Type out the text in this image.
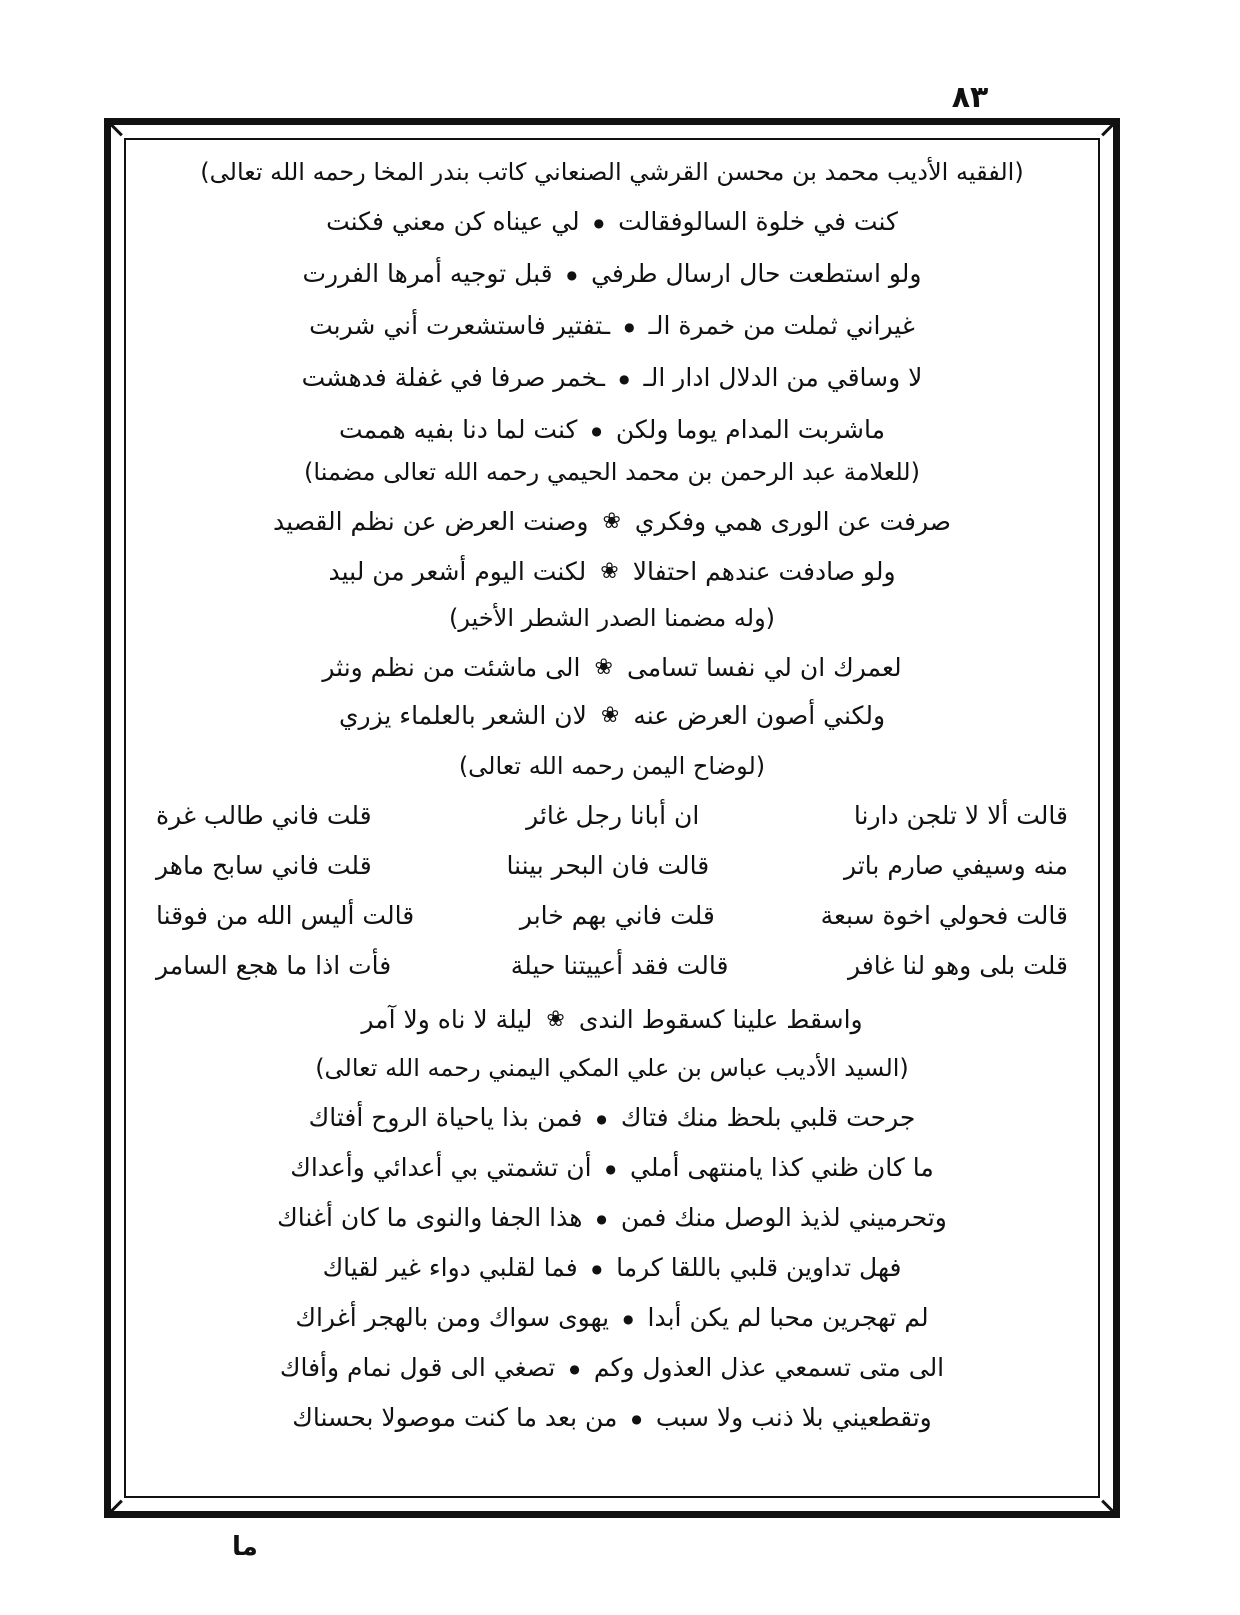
٨٣
(الفقيه الأديب محمد بن محسن القرشي الصنعاني كاتب بندر المخا رحمه الله تعالى)
كنت في خلوة السالوفقالت
●
لي عيناه كن معني فكنت
ولو استطعت حال ارسال طرفي
●
قبل توجيه أمرها الفررت
غيراني ثملت من خمرة الـ
●
ـتفتير فاستشعرت أني شربت
لا وساقي من الدلال ادار الـ
●
ـخمر صرفا في غفلة فدهشت
ماشربت المدام يوما ولكن
●
كنت لما دنا بفيه هممت
(للعلامة عبد الرحمن بن محمد الحيمي رحمه الله تعالى مضمنا)
صرفت عن الورى همي وفكري
❀
وصنت العرض عن نظم القصيد
ولو صادفت عندهم احتفالا
❀
لكنت اليوم أشعر من لبيد
(وله مضمنا الصدر الشطر الأخير)
لعمرك ان لي نفسا تسامى
❀
الى ماشئت من نظم ونثر
ولكني أصون العرض عنه
❀
لان الشعر بالعلماء يزري
(لوضاح اليمن رحمه الله تعالى)
قالت ألا لا تلجن دارنا
ان أبانا رجل غائر
قلت فاني طالب غرة
منه وسيفي صارم باتر
قالت فان البحر بيننا
قلت فاني سابح ماهر
قالت فحولي اخوة سبعة
قلت فاني بهم خابر
قالت أليس الله من فوقنا
قلت بلى وهو لنا غافر
قالت فقد أعييتنا حيلة
فأت اذا ما هجع السامر
واسقط علينا كسقوط الندى
❀
ليلة لا ناه ولا آمر
(السيد الأديب عباس بن علي المكي اليمني رحمه الله تعالى)
جرحت قلبي بلحظ منك فتاك
●
فمن بذا ياحياة الروح أفتاك
ما كان ظني كذا يامنتهى أملي
●
أن تشمتي بي أعدائي وأعداك
وتحرميني لذيذ الوصل منك فمن
●
هذا الجفا والنوى ما كان أغناك
فهل تداوين قلبي باللقا كرما
●
فما لقلبي دواء غير لقياك
لم تهجرين محبا لم يكن أبدا
●
يهوى سواك ومن بالهجر أغراك
الى متى تسمعي عذل العذول وكم
●
تصغي الى قول نمام وأفاك
وتقطعيني بلا ذنب ولا سبب
●
من بعد ما كنت موصولا بحسناك
ما
